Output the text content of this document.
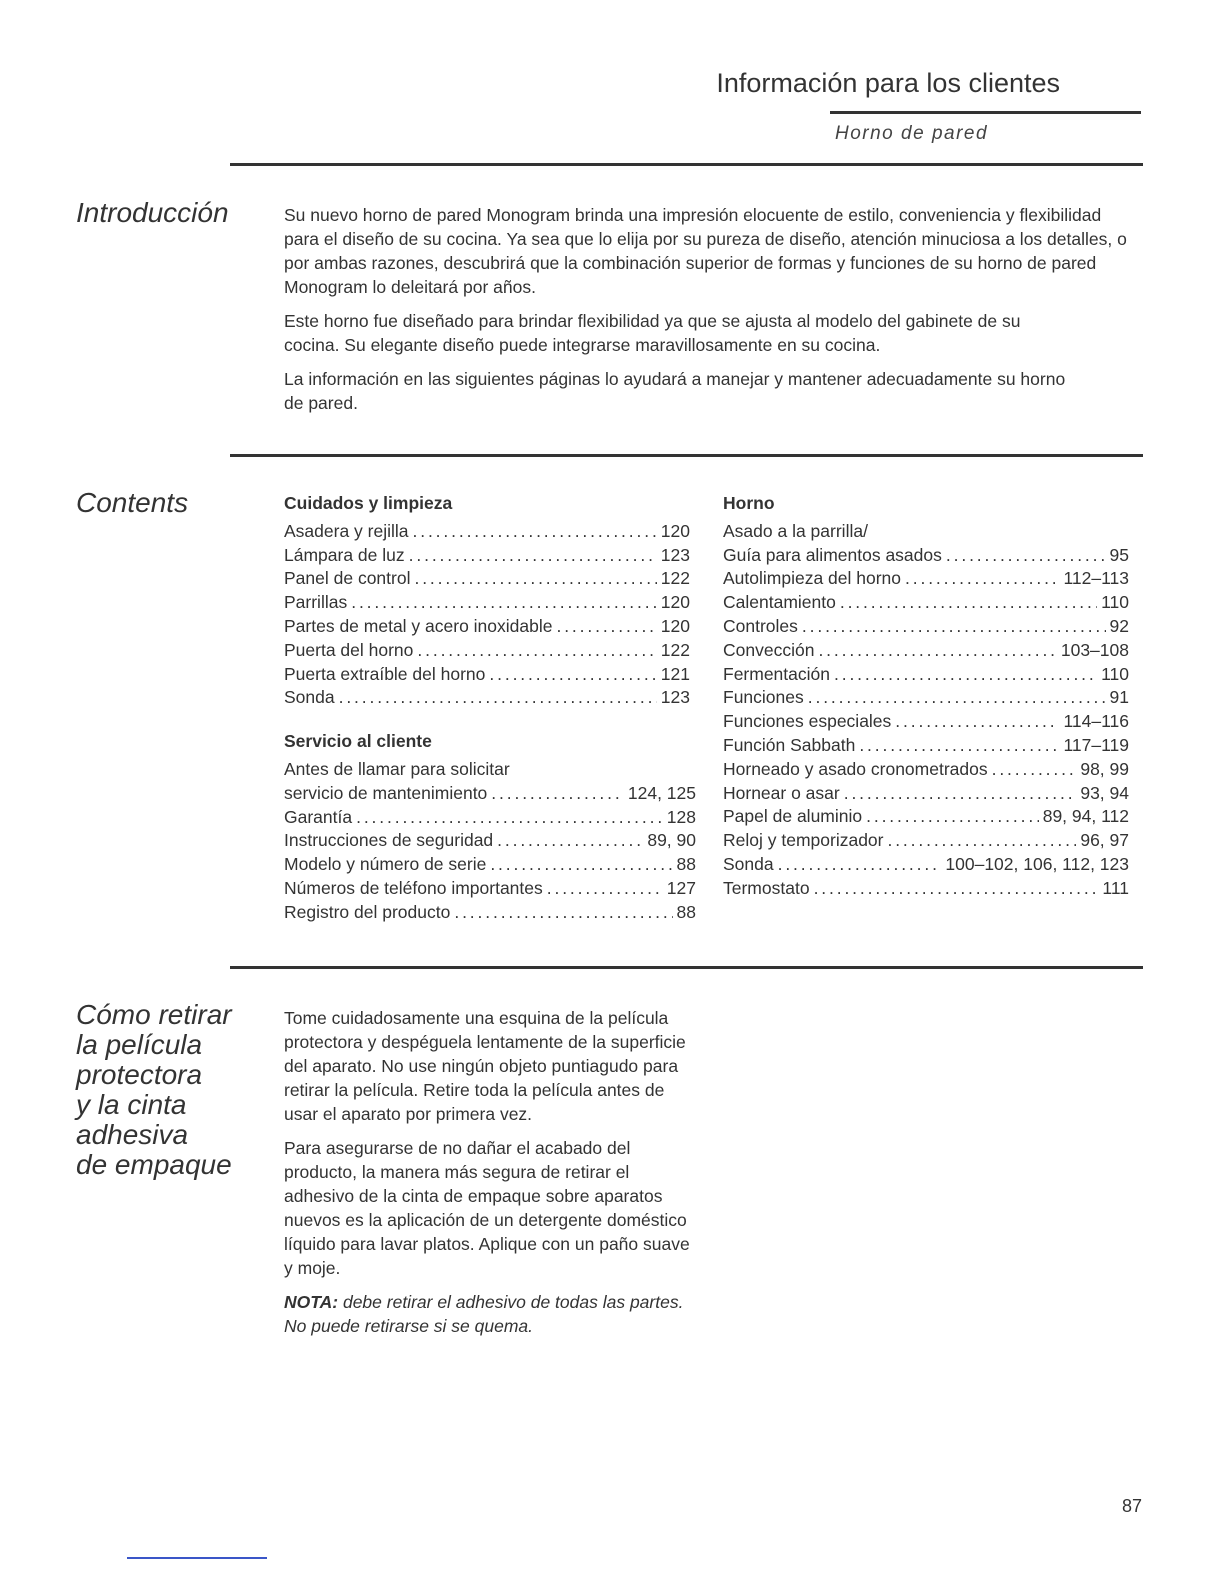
Información para los clientes
Horno de pared
Introducción	Su nuevo horno de pared Monogram brinda una impresión elocuente de estilo, conveniencia y flexibilidad para el diseño de su cocina. Ya sea que lo elija por su pureza de diseño, atención minuciosa a los detalles, o por ambas razones, descubrirá que la combinación superior de formas y funciones de su horno de pared Monogram lo deleitará por años.

Este horno fue diseñado para brindar flexibilidad ya que se ajusta al modelo del gabinete de su cocina. Su elegante diseño puede integrarse maravillosamente en su cocina.

La información en las siguientes páginas lo ayudará a manejar y mantener adecuadamente su horno de pared.

Contents	Cuidados y limpieza
Asadera y rejilla . . .	120
Lámpara de luz . . .	123
Panel de control . . .	122
Parrillas . . .	120
Partes de metal y acero inoxidable . . .	120
Puerta del horno . . .	122
Puerta extraíble del horno . . .	121
Sonda . . .	123
Servicio al cliente
Antes de llamar para solicitar
servicio de mantenimiento . . .	124, 125
Garantía . . .	128
Instrucciones de seguridad . . .	89, 90
Modelo y número de serie . . .	88
Números de teléfono importantes . . .	127
Registro del producto . . .	88
Horno
Asado a la parrilla/
Guía para alimentos asados . . .	95
Autolimpieza del horno . . .	112–113
Calentamiento . . .	110
Controles . . .	92
Convección . . .	103–108
Fermentación . . .	110
Funciones . . .	91
Funciones especiales . . .	114–116
Función Sabbath . . .	117–119
Horneado y asado cronometrados . . .	98, 99
Hornear o asar . . .	93, 94
Papel de aluminio . . .	89, 94, 112
Reloj y temporizador . . .	96, 97
Sonda . . .	100–102, 106, 112, 123
Termostato . . .	111
Cómo retirar
la película
protectora
y la cinta
adhesiva
de empaque

Tome cuidadosamente una esquina de la película protectora y despéguela lentamente de la superficie del aparato. No use ningún objeto puntiagudo para retirar la película. Retire toda la película antes de usar el aparato por primera vez.

Para asegurarse de no dañar el acabado del producto, la manera más segura de retirar el adhesivo de la cinta de empaque sobre aparatos nuevos es la aplicación de un detergente doméstico líquido para lavar platos. Aplique con un paño suave y moje.

NOTA: debe retirar el adhesivo de todas las partes. No puede retirarse si se quema.

87
